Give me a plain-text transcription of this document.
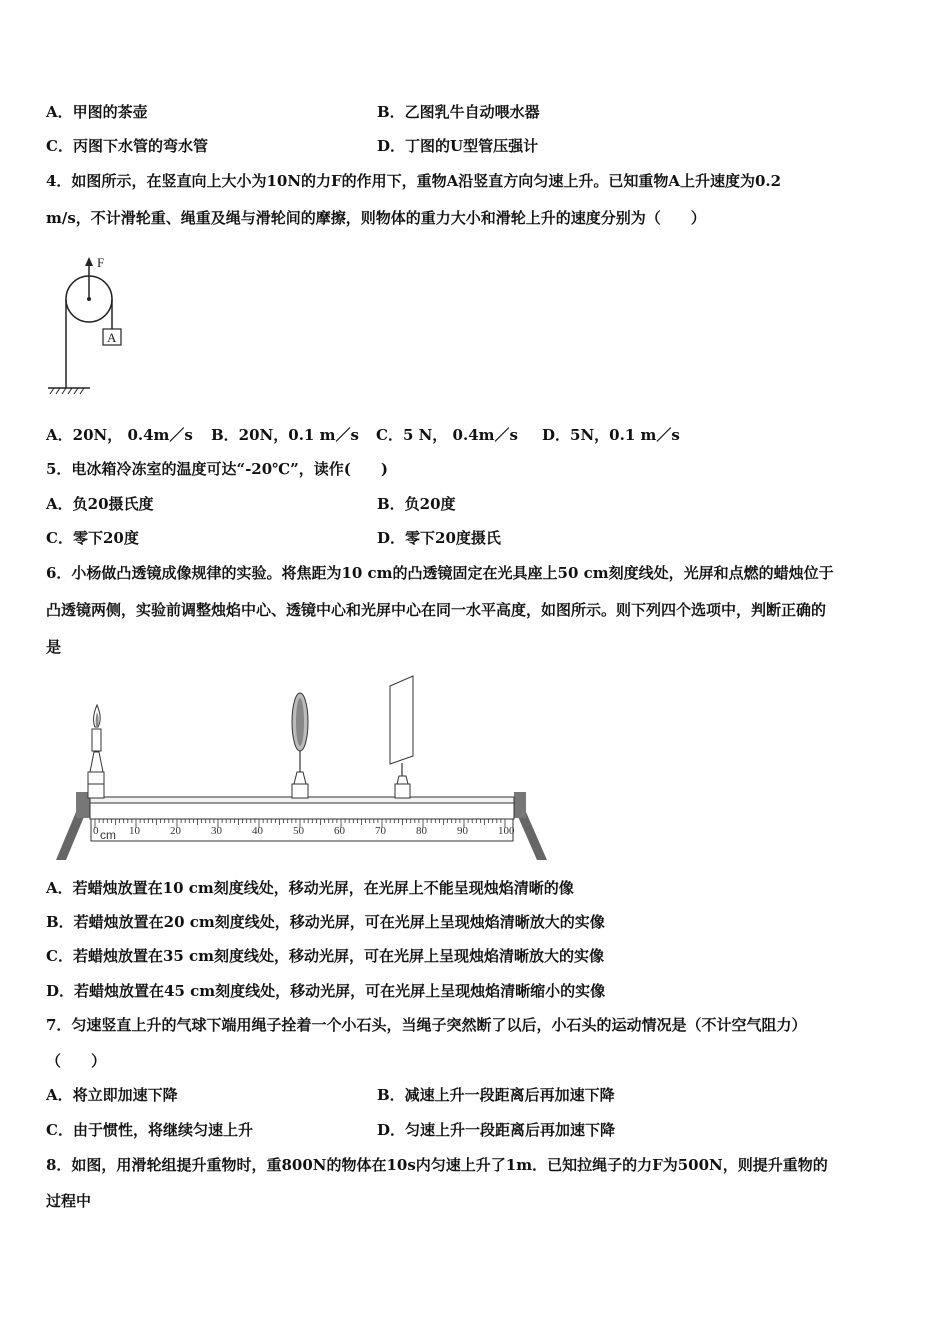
A．甲图的茶壶	B．乙图乳牛自动喂水器
C．丙图下水管的弯水管	D．丁图的U型管压强计
4．如图所示，在竖直向上大小为10N的力F的作用下，重物A沿竖直方向匀速上升。已知重物A上升速度为0.2
m/s，不计滑轮重、绳重及绳与滑轮间的摩擦，则物体的重力大小和滑轮上升的速度分别为（　　）
F
A
A．20N， 0.4m／s B．20N，0.1 m／s C．5 N， 0.4m／s D．5N，0.1 m／s
5．电冰箱冷冻室的温度可达“-20℃”，读作(　　)
A．负20摄氏度	B．负20度
C．零下20度	D．零下20度摄氏
6．小杨做凸透镜成像规律的实验。将焦距为10 cm的凸透镜固定在光具座上50 cm刻度线处，光屏和点燃的蜡烛位于
凸透镜两侧，实验前调整烛焰中心、透镜中心和光屏中心在同一水平高度，如图所示。则下列四个选项中，判断正确的
是
0	10	20	30	40	50	60	70	80	90	100
cm
A．若蜡烛放置在10 cm刻度线处，移动光屏，在光屏上不能呈现烛焰清晰的像
B．若蜡烛放置在20 cm刻度线处，移动光屏，可在光屏上呈现烛焰清晰放大的实像
C．若蜡烛放置在35 cm刻度线处，移动光屏，可在光屏上呈现烛焰清晰放大的实像
D．若蜡烛放置在45 cm刻度线处，移动光屏，可在光屏上呈现烛焰清晰缩小的实像
7．匀速竖直上升的气球下端用绳子拴着一个小石头，当绳子突然断了以后，小石头的运动情况是（不计空气阻力）
（　　）
A．将立即加速下降	B．减速上升一段距离后再加速下降
C．由于惯性，将继续匀速上升	D．匀速上升一段距离后再加速下降
8．如图，用滑轮组提升重物时，重800N的物体在10s内匀速上升了1m．已知拉绳子的力F为500N，则提升重物的
过程中
